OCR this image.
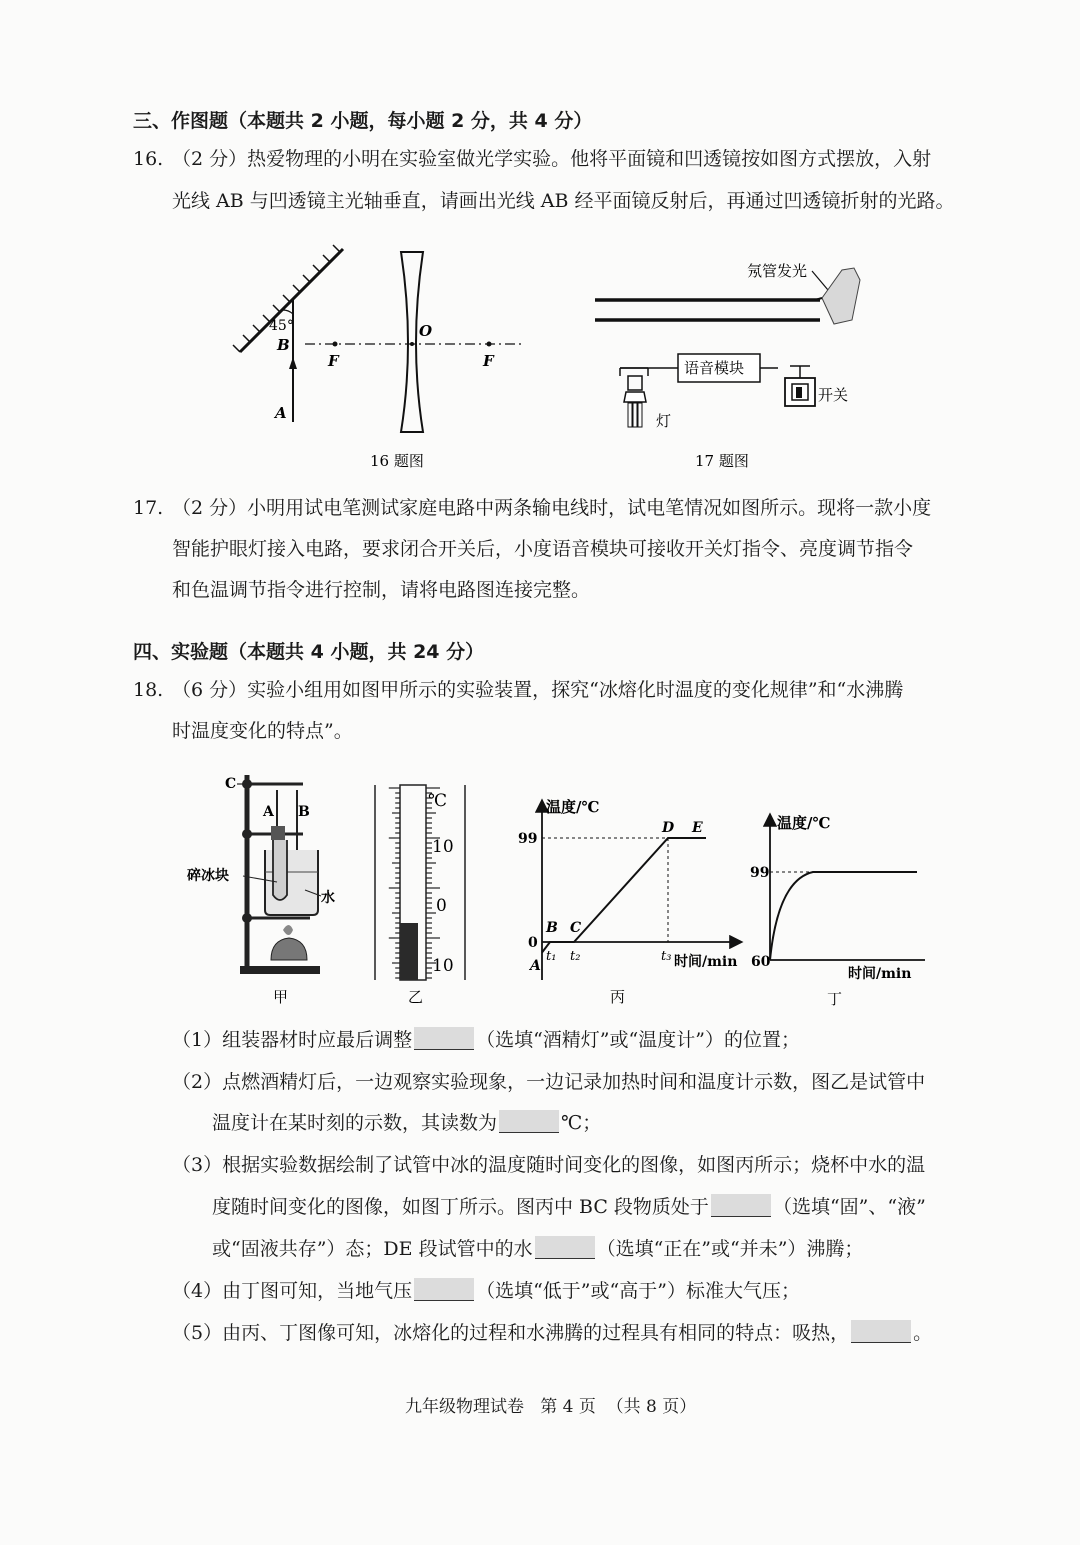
三、作图题（本题共 2 小题，每小题 2 分，共 4 分）
16. （2 分）热爱物理的小明在实验室做光学实验。他将平面镜和凹透镜按如图方式摆放，入射
光线 AB 与凹透镜主光轴垂直，请画出光线 AB 经平面镜反射后，再通过凹透镜折射的光路。
45°
B
A
F
O
F
16 题图
氖管发光
语音模块
灯
开关
17 题图
17. （2 分）小明用试电笔测试家庭电路中两条输电线时，试电笔情况如图所示。现将一款小度
智能护眼灯接入电路，要求闭合开关后，小度语音模块可接收开关灯指令、亮度调节指令
和色温调节指令进行控制，请将电路图连接完整。
四、实验题（本题共 4 小题，共 24 分）
18. （6 分）实验小组用如图甲所示的实验装置，探究“冰熔化时温度的变化规律”和“水沸腾
时温度变化的特点”。
C
A B
碎冰块
水
甲
℃
10
0
10
乙
温度/℃
时间/min
99
0
A
B C
D E
t₁ t₂	t₃
丙
温度/℃
时间/min
99
60
丁
（1）组装器材时应最后调整	（选填“酒精灯”或“温度计”）的位置；
（2）点燃酒精灯后，一边观察实验现象，一边记录加热时间和温度计示数，图乙是试管中
温度计在某时刻的示数，其读数为	℃；
（3）根据实验数据绘制了试管中冰的温度随时间变化的图像，如图丙所示；烧杯中水的温
度随时间变化的图像，如图丁所示。图丙中 BC 段物质处于	（选填“固”、“液”
或“固液共存”）态；DE 段试管中的水	（选填“正在”或“并未”）沸腾；
（4）由丁图可知，当地气压	（选填“低于”或“高于”）标准大气压；
（5）由丙、丁图像可知，冰熔化的过程和水沸腾的过程具有相同的特点：吸热，	。
九年级物理试卷   第 4 页  （共 8 页）
